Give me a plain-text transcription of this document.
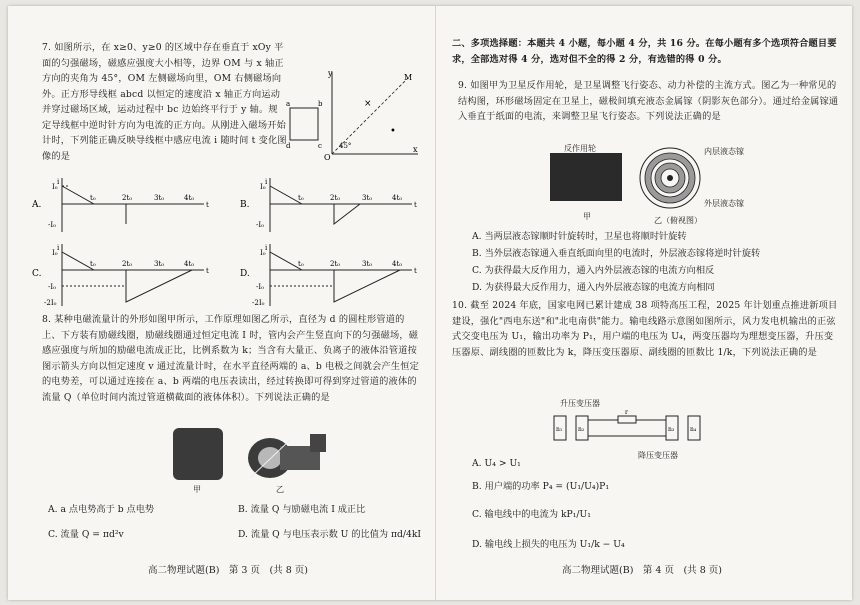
7. 如图所示，在 x≥0、y≥0 的区域中存在垂直于 xOy 平面的匀强磁场，磁感应强度大小相等，边界 OM 与 x 轴正方向的夹角为 45°，OM 左侧磁场向里，OM 右侧磁场向外。正方形导线框 abcd 以恒定的速度沿 x 轴正方向运动并穿过磁场区域，运动过程中 bc 边始终平行于 y 轴。规定导线框中逆时针方向为电流的正方向。从刚进入磁场开始计时，下列能正确反映导线框中感应电流 i 随时间 t 变化图像的是

y
x
O
M
a	b
c
d	45°
×
•
A.
i
t
I₀
-I₀
t₀	2t₀	3t₀	4t₀
B.
i
t
I₀
-I₀
t₀	2t₀	3t₀	4t₀
C.
i
t
I₀
-I₀
-2I₀
t₀	2t₀	3t₀	4t₀
D.
i
t
I₀
-I₀
-2I₀
t₀	2t₀	3t₀	4t₀

8. 某种电磁流量计的外形如图甲所示，工作原理如图乙所示，直径为 d 的圆柱形管道的上、下方装有励磁线圈，励磁线圈通过恒定电流 I 时，管内会产生竖直向下的匀强磁场，磁感应强度与所加的励磁电流成正比，比例系数为 k；当含有大量正、负离子的液体沿管道按图示箭头方向以恒定速度 v 通过流量计时，在水平直径两端的 a、b 电极之间就会产生恒定的电势差，可以通过连接在 a、b 两端的电压表读出，经过转换即可得到穿过管道的液体的流量 Q（单位时间内流过管道横截面的液体体积）。下列说法正确的是

甲	乙
A. a 点电势高于 b 点电势	B. 流量 Q 与励磁电流 I 成正比
C. 流量 Q = πd²v	D. 流量 Q 与电压表示数 U 的比值为 πd/4kI
高二物理试题(B)　第 3 页　(共 8 页)

二、多项选择题：本题共 4 小题，每小题 4 分，共 16 分。在每小题有多个选项符合题目要求，全部选对得 4 分，选对但不全的得 2 分，有选错的得 0 分。

9. 如图甲为卫星反作用轮，是卫星调整飞行姿态、动力补偿的主流方式。图乙为一种常见的结构图，环形磁场固定在卫星上，磁极间填充液态金属镓（阴影灰色部分）。通过给金属镓通入垂直于纸面的电流，来调整卫星飞行姿态。下列说法正确的是

反作用轮
甲
内层液态镓
外层液态镓
乙（俯视图）
A. 当两层液态镓顺时针旋转时，卫星也将顺时针旋转
B. 当外层液态镓通入垂直纸面向里的电流时，外层液态镓将逆时针旋转
C. 为获得最大反作用力，通入内外层液态镓的电流方向相反
D. 为获得最大反作用力，通入内外层液态镓的电流方向相同

10. 截至 2024 年底，国家电网已累计建成 38 项特高压工程，2025 年计划重点推进新项目建设，强化"西电东送"和"北电南供"能力。输电线路示意图如图所示，风力发电机输出的正弦式交变电压为 U₁，输出功率为 P₁，用户端的电压为 U₄，两变压器均为理想变压器，升压变压器原、副线圈的匝数比为 k，降压变压器原、副线圈的匝数比 1/k，下列说法正确的是

n₁	n₂	n₃	n₄
r
升压变压器
降压变压器
A. U₄ > U₁
B. 用户端的功率 P₄ = (U₁/U₄)P₁
C. 输电线中的电流为 kP₁/U₁
D. 输电线上损失的电压为 U₁/k − U₄
高二物理试题(B)　第 4 页　(共 8 页)
